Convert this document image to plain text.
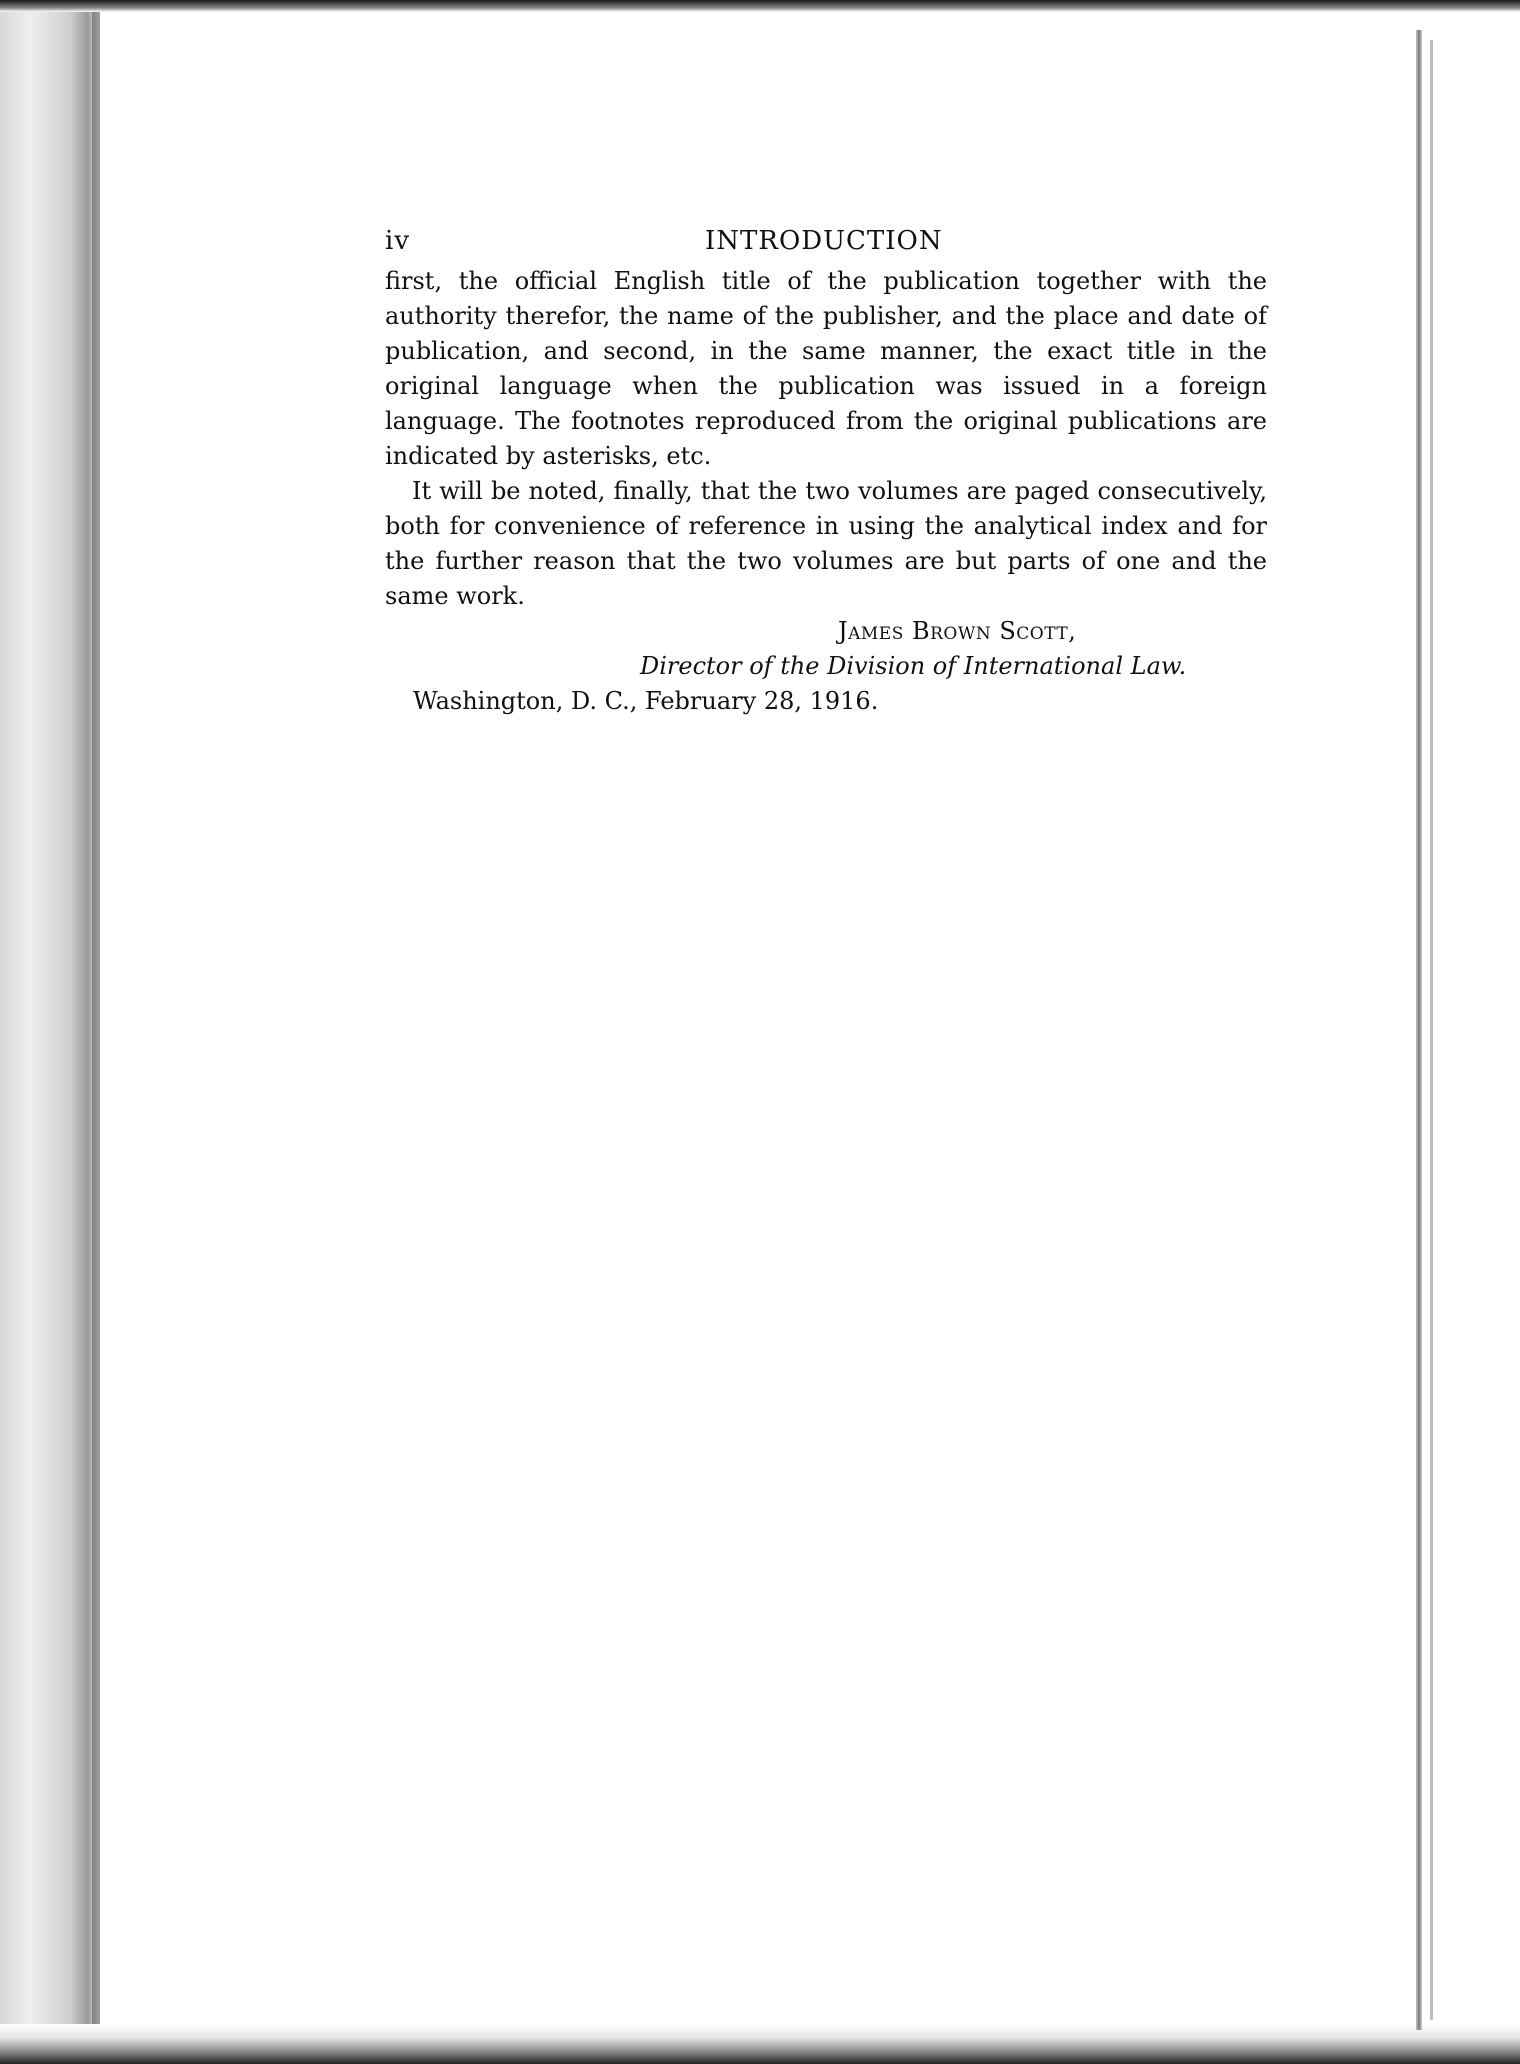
iv	INTRODUCTION

first, the official English title of the publication together with the authority therefor, the name of the publisher, and the place and date of publication, and second, in the same manner, the exact title in the original language when the publication was issued in a foreign language. The footnotes reproduced from the original publications are indicated by asterisks, etc.

It will be noted, finally, that the two volumes are paged consecutively, both for convenience of reference in using the analytical index and for the further reason that the two volumes are but parts of one and the same work.

James Brown Scott,

Director of the Division of International Law.

Washington, D. C., February 28, 1916.
